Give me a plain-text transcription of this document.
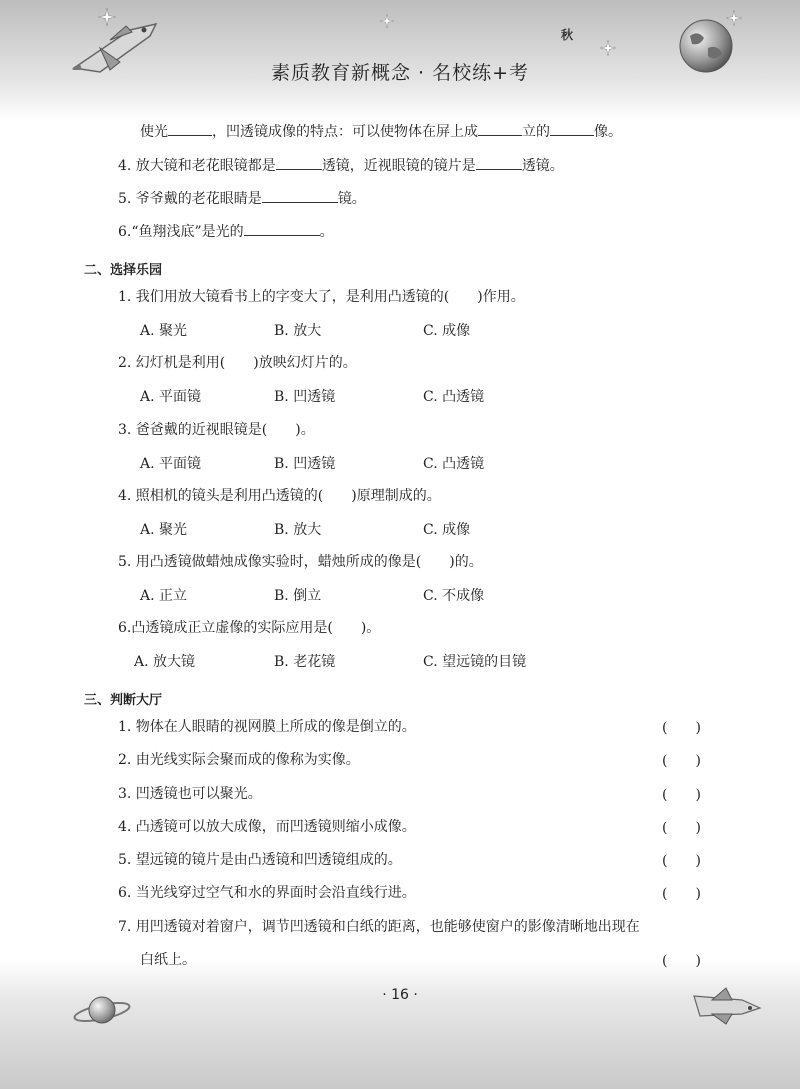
秋
素质教育新概念 · 名校练+考
使光	，凹透镜成像的特点：可以使物体在屏上成	立的	像。
4. 放大镜和老花眼镜都是	透镜，近视眼镜的镜片是	透镜。
5. 爷爷戴的老花眼睛是	镜。
6.“鱼翔浅底”是光的	。
二、选择乐园
1. 我们用放大镜看书上的字变大了，是利用凸透镜的(　　)作用。
A. 聚光	B. 放大	C. 成像
2. 幻灯机是利用(　　)放映幻灯片的。
A. 平面镜	B. 凹透镜	C. 凸透镜
3. 爸爸戴的近视眼镜是(　　)。
A. 平面镜	B. 凹透镜	C. 凸透镜
4. 照相机的镜头是利用凸透镜的(　　)原理制成的。
A. 聚光	B. 放大	C. 成像
5. 用凸透镜做蜡烛成像实验时，蜡烛所成的像是(　　)的。
A. 正立	B. 倒立	C. 不成像
6.凸透镜成正立虚像的实际应用是(　　)。
A. 放大镜	B. 老花镜	C. 望远镜的目镜
三、判断大厅
1. 物体在人眼睛的视网膜上所成的像是倒立的。	(　　)
2. 由光线实际会聚而成的像称为实像。	(　　)
3. 凹透镜也可以聚光。	(　　)
4. 凸透镜可以放大成像，而凹透镜则缩小成像。	(　　)
5. 望远镜的镜片是由凸透镜和凹透镜组成的。	(　　)
6. 当光线穿过空气和水的界面时会沿直线行进。	(　　)
7. 用凹透镜对着窗户，调节凹透镜和白纸的距离，也能够使窗户的影像清晰地出现在
白纸上。	(　　)
· 16 ·
